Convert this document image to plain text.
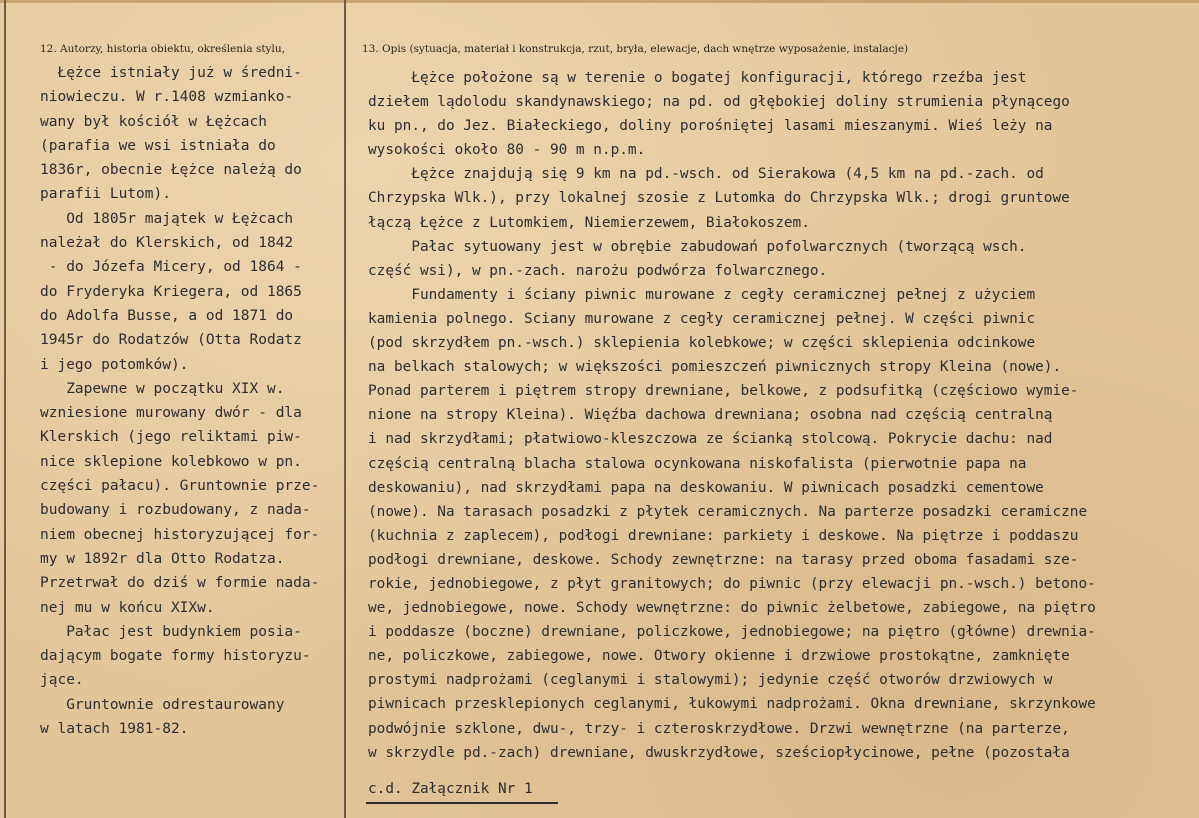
12. Autorzy, historia obiektu, określenia stylu,	13. Opis (sytuacja, materiał i konstrukcja, rzut, bryła, elewacje, dach wnętrze wyposażenie, instalacje)
Łężce istniały już w średni-
niowieczu. W r.1408 wzmianko-
wany był kościół w Łężcach
(parafia we wsi istniała do
1836r, obecnie Łężce należą do
parafii Lutom).
Od 1805r majątek w Łężcach
należał do Klerskich, od 1842
- do Józefa Micery, od 1864 -
do Fryderyka Kriegera, od 1865
do Adolfa Busse, a od 1871 do
1945r do Rodatzów (Otta Rodatz
i jego potomków).
Zapewne w początku XIX w.
wzniesione murowany dwór - dla
Klerskich (jego reliktami piw-
nice sklepione kolebkowo w pn.
części pałacu). Gruntownie prze-
budowany i rozbudowany, z nada-
niem obecnej historyzującej for-
my w 1892r dla Otto Rodatza.
Przetrwał do dziś w formie nada-
nej mu w końcu XIXw.
Pałac jest budynkiem posia-
dającym bogate formy historyzu-
jące.
Gruntownie odrestaurowany
w latach 1981-82.
Łężce położone są w terenie o bogatej konfiguracji, którego rzeźba jest
dziełem lądolodu skandynawskiego; na pd. od głębokiej doliny strumienia płynącego
ku pn., do Jez. Białeckiego, doliny porośniętej lasami mieszanymi. Wieś leży na
wysokości około 80 - 90 m n.p.m.
Łężce znajdują się 9 km na pd.-wsch. od Sierakowa (4,5 km na pd.-zach. od
Chrzypska Wlk.), przy lokalnej szosie z Lutomka do Chrzypska Wlk.; drogi gruntowe
łączą Łężce z Lutomkiem, Niemierzewem, Białokoszem.
Pałac sytuowany jest w obrębie zabudowań pofolwarcznych (tworzącą wsch.
część wsi), w pn.-zach. narożu podwórza folwarcznego.
Fundamenty i ściany piwnic murowane z cegły ceramicznej pełnej z użyciem
kamienia polnego. Sciany murowane z cegły ceramicznej pełnej. W części piwnic
(pod skrzydłem pn.-wsch.) sklepienia kolebkowe; w części sklepienia odcinkowe
na belkach stalowych; w większości pomieszczeń piwnicznych stropy Kleina (nowe).
Ponad parterem i piętrem stropy drewniane, belkowe, z podsufitką (częściowo wymie-
nione na stropy Kleina). Więźba dachowa drewniana; osobna nad częścią centralną
i nad skrzydłami; płatwiowo-kleszczowa ze ścianką stolcową. Pokrycie dachu: nad
częścią centralną blacha stalowa ocynkowana niskofalista (pierwotnie papa na
deskowaniu), nad skrzydłami papa na deskowaniu. W piwnicach posadzki cementowe
(nowe). Na tarasach posadzki z płytek ceramicznych. Na parterze posadzki ceramiczne
(kuchnia z zaplecem), podłogi drewniane: parkiety i deskowe. Na piętrze i poddaszu
podłogi drewniane, deskowe. Schody zewnętrzne: na tarasy przed oboma fasadami sze-
rokie, jednobiegowe, z płyt granitowych; do piwnic (przy elewacji pn.-wsch.) betono-
we, jednobiegowe, nowe. Schody wewnętrzne: do piwnic żelbetowe, zabiegowe, na piętro
i poddasze (boczne) drewniane, policzkowe, jednobiegowe; na piętro (główne) drewnia-
ne, policzkowe, zabiegowe, nowe. Otwory okienne i drzwiowe prostokątne, zamknięte
prostymi nadprożami (ceglanymi i stalowymi); jedynie część otworów drzwiowych w
piwnicach przesklepionych ceglanymi, łukowymi nadprożami. Okna drewniane, skrzynkowe
podwójnie szklone, dwu-, trzy- i czteroskrzydłowe. Drzwi wewnętrzne (na parterze,
w skrzydle pd.-zach) drewniane, dwuskrzydłowe, sześciopłycinowe, pełne (pozostała
c.d. Załącznik Nr 1
